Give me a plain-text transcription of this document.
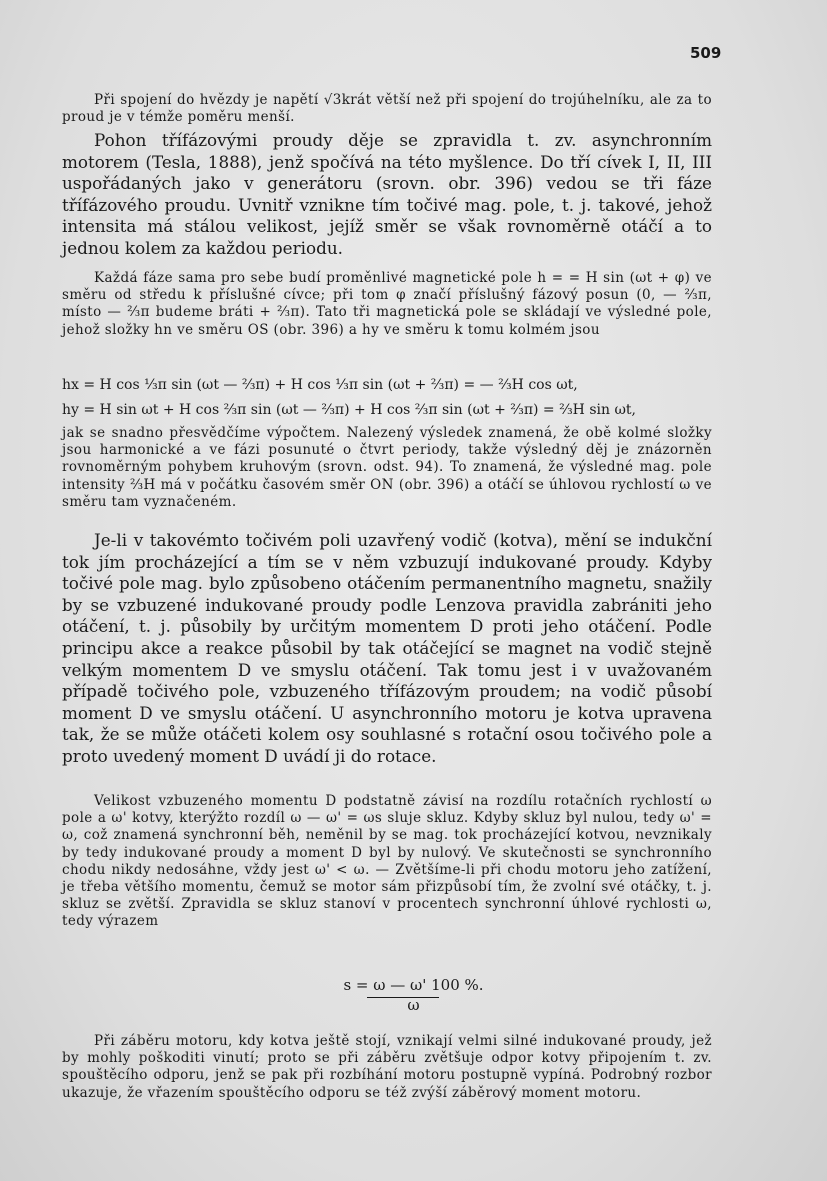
509

Při spojení do hvězdy je napětí √3krát větší než při spojení do trojúhelníku, ale za to proud je v témže poměru menší.

Pohon třífázovými proudy děje se zpravidla t. zv. asynchronním motorem (Tesla, 1888), jenž spočívá na této myšlence. Do tří cívek I, II, III uspořádaných jako v generátoru (srovn. obr. 396) vedou se tři fáze třífázového proudu. Uvnitř vznikne tím točivé mag. pole, t. j. takové, jehož intensita má stálou velikost, jejíž směr se však rovnoměrně otáčí a to jednou kolem za každou periodu.

Každá fáze sama pro sebe budí proměnlivé magnetické pole h = = H sin (ωt + φ) ve směru od středu k příslušné cívce; při tom φ značí příslušný fázový posun (0, — ⅔π, místo — ⅔π budeme bráti + ⅔π). Tato tři magnetická pole se skládají ve výsledné pole, jehož složky hn ve směru OS (obr. 396) a hy ve směru k tomu kolmém jsou

hx = H cos ⅓π sin (ωt — ⅔π) + H cos ⅓π sin (ωt + ⅔π) = — ⅔H cos ωt,
hy = H sin ωt + H cos ⅔π sin (ωt — ⅔π) + H cos ⅔π sin (ωt + ⅔π) = ⅔H sin ωt,

jak se snadno přesvědčíme výpočtem. Nalezený výsledek znamená, že obě kolmé složky jsou harmonické a ve fázi posunuté o čtvrt periody, takže výsledný děj je znázorněn rovnoměrným pohybem kruhovým (srovn. odst. 94). To znamená, že výsledné mag. pole intensity ⅔H má v počátku časovém směr ON (obr. 396) a otáčí se úhlovou rychlostí ω ve směru tam vyznačeném.

Je-li v takovémto točivém poli uzavřený vodič (kotva), mění se indukční tok jím procházející a tím se v něm vzbuzují indukované proudy. Kdyby točivé pole mag. bylo způsobeno otáčením permanentního magnetu, snažily by se vzbuzené indukované proudy podle Lenzova pravidla zabrániti jeho otáčení, t. j. působily by určitým momentem D proti jeho otáčení. Podle principu akce a reakce působil by tak otáčející se magnet na vodič stejně velkým momentem D ve smyslu otáčení. Tak tomu jest i v uvažovaném případě točivého pole, vzbuzeného třífázovým proudem; na vodič působí moment D ve smyslu otáčení. U asynchronního motoru je kotva upravena tak, že se může otáčeti kolem osy souhlasné s rotační osou točivého pole a proto uvedený moment D uvádí ji do rotace.

Velikost vzbuzeného momentu D podstatně závisí na rozdílu rotačních rychlostí ω pole a ω' kotvy, kterýžto rozdíl ω — ω' = ωs sluje skluz. Kdyby skluz byl nulou, tedy ω' = ω, což znamená synchronní běh, neměnil by se mag. tok procházející kotvou, nevznikaly by tedy indukované proudy a moment D byl by nulový. Ve skutečnosti se synchronního chodu nikdy nedosáhne, vždy jest ω' < ω. — Zvětšíme-li při chodu motoru jeho zatížení, je třeba většího momentu, čemuž se motor sám přizpůsobí tím, že zvolní své otáčky, t. j. skluz se zvětší. Zpravidla se skluz stanoví v procentech synchronní úhlové rychlosti ω, tedy výrazem

s = ω — ω' 100 %.
ω

Při záběru motoru, kdy kotva ještě stojí, vznikají velmi silné indukované proudy, jež by mohly poškoditi vinutí; proto se při záběru zvětšuje odpor kotvy připojením t. zv. spouštěcího odporu, jenž se pak při rozbíhání motoru postupně vypíná. Podrobný rozbor ukazuje, že vřazením spouštěcího odporu se též zvýší záběrový moment motoru.
